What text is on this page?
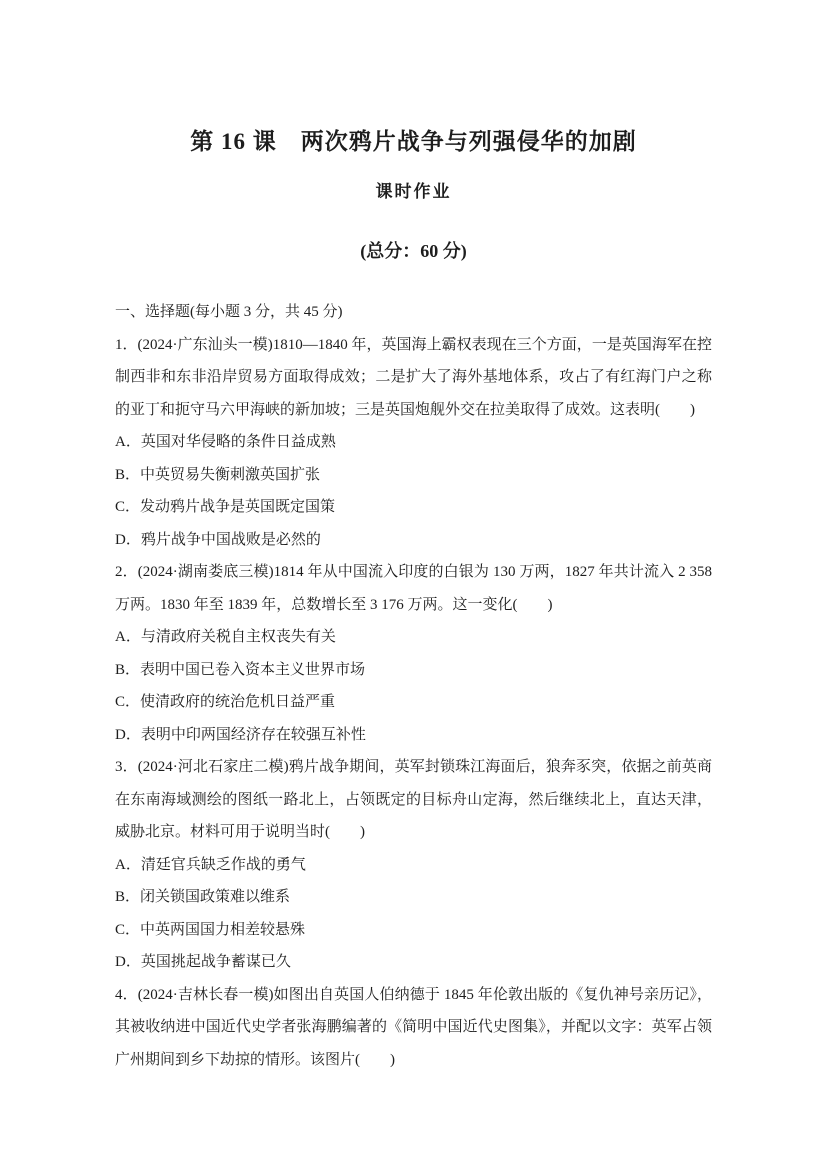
第 16 课　两次鸦片战争与列强侵华的加剧
课时作业
(总分：60 分)

一、选择题(每小题 3 分，共 45 分)

1．(2024·广东汕头一模)1810—1840 年，英国海上霸权表现在三个方面，一是英国海军在控制西非和东非沿岸贸易方面取得成效；二是扩大了海外基地体系，攻占了有红海门户之称的亚丁和扼守马六甲海峡的新加坡；三是英国炮舰外交在拉美取得了成效。这表明(　　)

A．英国对华侵略的条件日益成熟

B．中英贸易失衡刺激英国扩张

C．发动鸦片战争是英国既定国策

D．鸦片战争中国战败是必然的

2．(2024·湖南娄底三模)1814 年从中国流入印度的白银为 130 万两，1827 年共计流入 2 358 万两。1830 年至 1839 年，总数增长至 3 176 万两。这一变化(　　)

A．与清政府关税自主权丧失有关

B．表明中国已卷入资本主义世界市场

C．使清政府的统治危机日益严重

D．表明中印两国经济存在较强互补性

3．(2024·河北石家庄二模)鸦片战争期间，英军封锁珠江海面后，狼奔豕突，依据之前英商在东南海域测绘的图纸一路北上，占领既定的目标舟山定海，然后继续北上，直达天津，威胁北京。材料可用于说明当时(　　)

A．清廷官兵缺乏作战的勇气

B．闭关锁国政策难以维系

C．中英两国国力相差较悬殊

D．英国挑起战争蓄谋已久

4．(2024·吉林长春一模)如图出自英国人伯纳德于 1845 年伦敦出版的《复仇神号亲历记》，其被收纳进中国近代史学者张海鹏编著的《简明中国近代史图集》，并配以文字：英军占领广州期间到乡下劫掠的情形。该图片(　　)
